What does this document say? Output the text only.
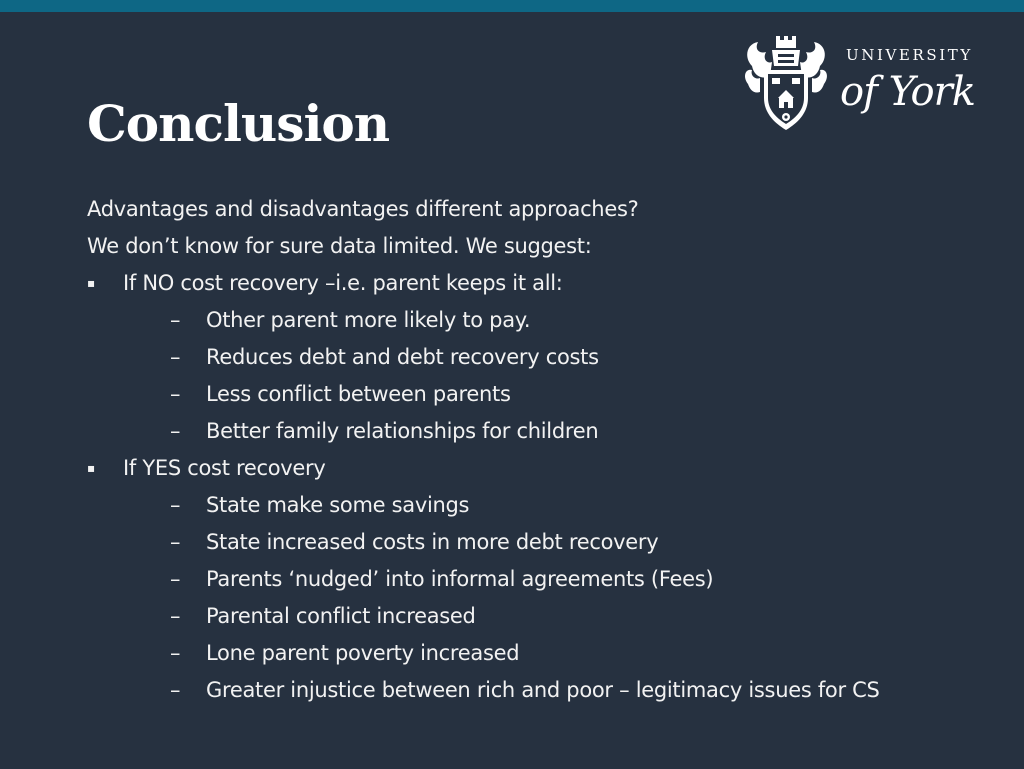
UNIVERSITY
of York
Conclusion
Advantages and disadvantages different approaches?
We don’t know for sure data limited. We suggest:
▪ If NO cost recovery –i.e. parent keeps it all:
– Other parent more likely to pay.
– Reduces debt and debt recovery costs
– Less conflict between parents
– Better family relationships for children
▪ If YES cost recovery
– State make some savings
– State increased costs in more debt recovery
– Parents ‘nudged’ into informal agreements (Fees)
– Parental conflict increased
– Lone parent poverty increased
– Greater injustice between rich and poor – legitimacy issues for CS
